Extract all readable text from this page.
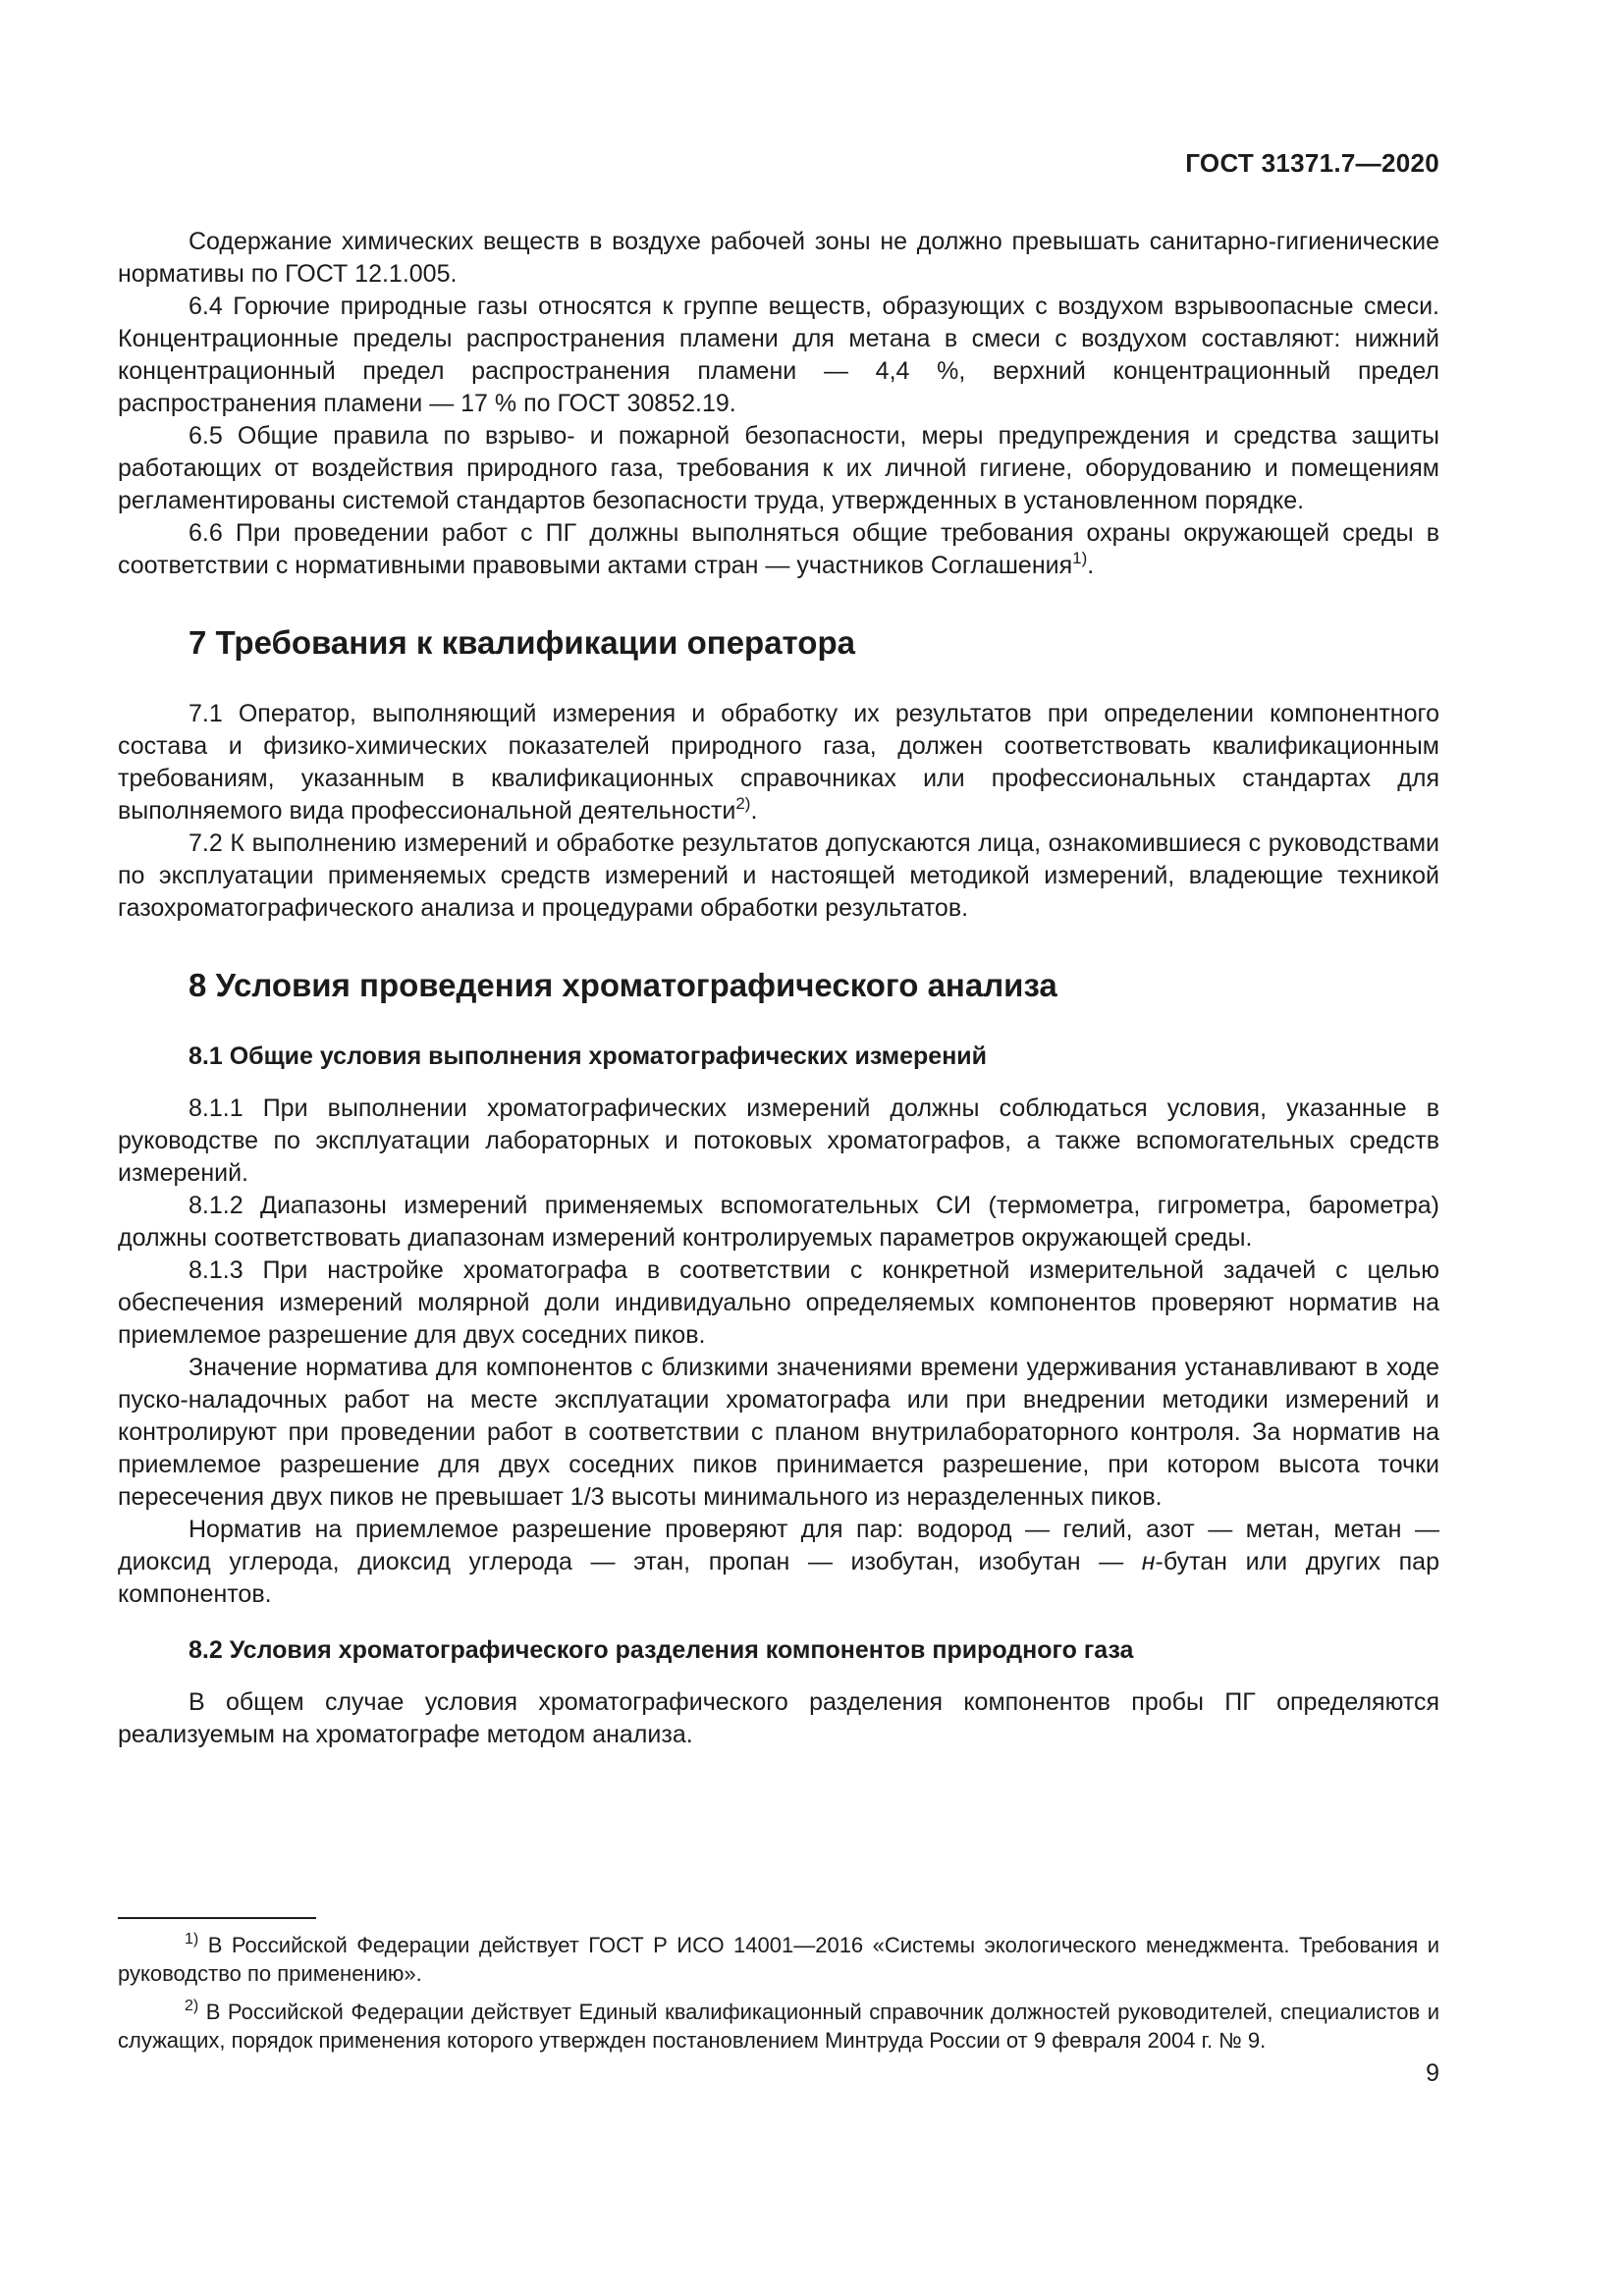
ГОСТ 31371.7—2020

Содержание химических веществ в воздухе рабочей зоны не должно превышать санитарно-гигиенические нормативы по ГОСТ 12.1.005.

6.4 Горючие природные газы относятся к группе веществ, образующих с воздухом взрывоопасные смеси. Концентрационные пределы распространения пламени для метана в смеси с воздухом составляют: нижний концентрационный предел распространения пламени — 4,4 %, верхний концентрационный предел распространения пламени — 17 % по ГОСТ 30852.19.

6.5 Общие правила по взрыво- и пожарной безопасности, меры предупреждения и средства защиты работающих от воздействия природного газа, требования к их личной гигиене, оборудованию и помещениям регламентированы системой стандартов безопасности труда, утвержденных в установленном порядке.

6.6 При проведении работ с ПГ должны выполняться общие требования охраны окружающей среды в соответствии с нормативными правовыми актами стран — участников Соглашения$^{1)}$.

7 Требования к квалификации оператора

7.1 Оператор, выполняющий измерения и обработку их результатов при определении компонентного состава и физико-химических показателей природного газа, должен соответствовать квалификационным требованиям, указанным в квалификационных справочниках или профессиональных стандартах для выполняемого вида профессиональной деятельности$^{2)}$.

7.2 К выполнению измерений и обработке результатов допускаются лица, ознакомившиеся с руководствами по эксплуатации применяемых средств измерений и настоящей методикой измерений, владеющие техникой газохроматографического анализа и процедурами обработки результатов.

8 Условия проведения хроматографического анализа
8.1 Общие условия выполнения хроматографических измерений

8.1.1 При выполнении хроматографических измерений должны соблюдаться условия, указанные в руководстве по эксплуатации лабораторных и потоковых хроматографов, а также вспомогательных средств измерений.

8.1.2 Диапазоны измерений применяемых вспомогательных СИ (термометра, гигрометра, барометра) должны соответствовать диапазонам измерений контролируемых параметров окружающей среды.

8.1.3 При настройке хроматографа в соответствии с конкретной измерительной задачей с целью обеспечения измерений молярной доли индивидуально определяемых компонентов проверяют норматив на приемлемое разрешение для двух соседних пиков.

Значение норматива для компонентов с близкими значениями времени удерживания устанавливают в ходе пуско-наладочных работ на месте эксплуатации хроматографа или при внедрении методики измерений и контролируют при проведении работ в соответствии с планом внутрилабораторного контроля. За норматив на приемлемое разрешение для двух соседних пиков принимается разрешение, при котором высота точки пересечения двух пиков не превышает 1/3 высоты минимального из неразделенных пиков.

Норматив на приемлемое разрешение проверяют для пар: водород — гелий, азот — метан, метан — диоксид углерода, диоксид углерода — этан, пропан — изобутан, изобутан — н-бутан или других пар компонентов.

8.2 Условия хроматографического разделения компонентов природного газа

В общем случае условия хроматографического разделения компонентов пробы ПГ определяются реализуемым на хроматографе методом анализа.

$^{1)}$ В Российской Федерации действует ГОСТ Р ИСО 14001—2016 «Системы экологического менеджмента. Требования и руководство по применению».

$^{2)}$ В Российской Федерации действует Единый квалификационный справочник должностей руководителей, специалистов и служащих, порядок применения которого утвержден постановлением Минтруда России от 9 февраля 2004 г. № 9.

9
